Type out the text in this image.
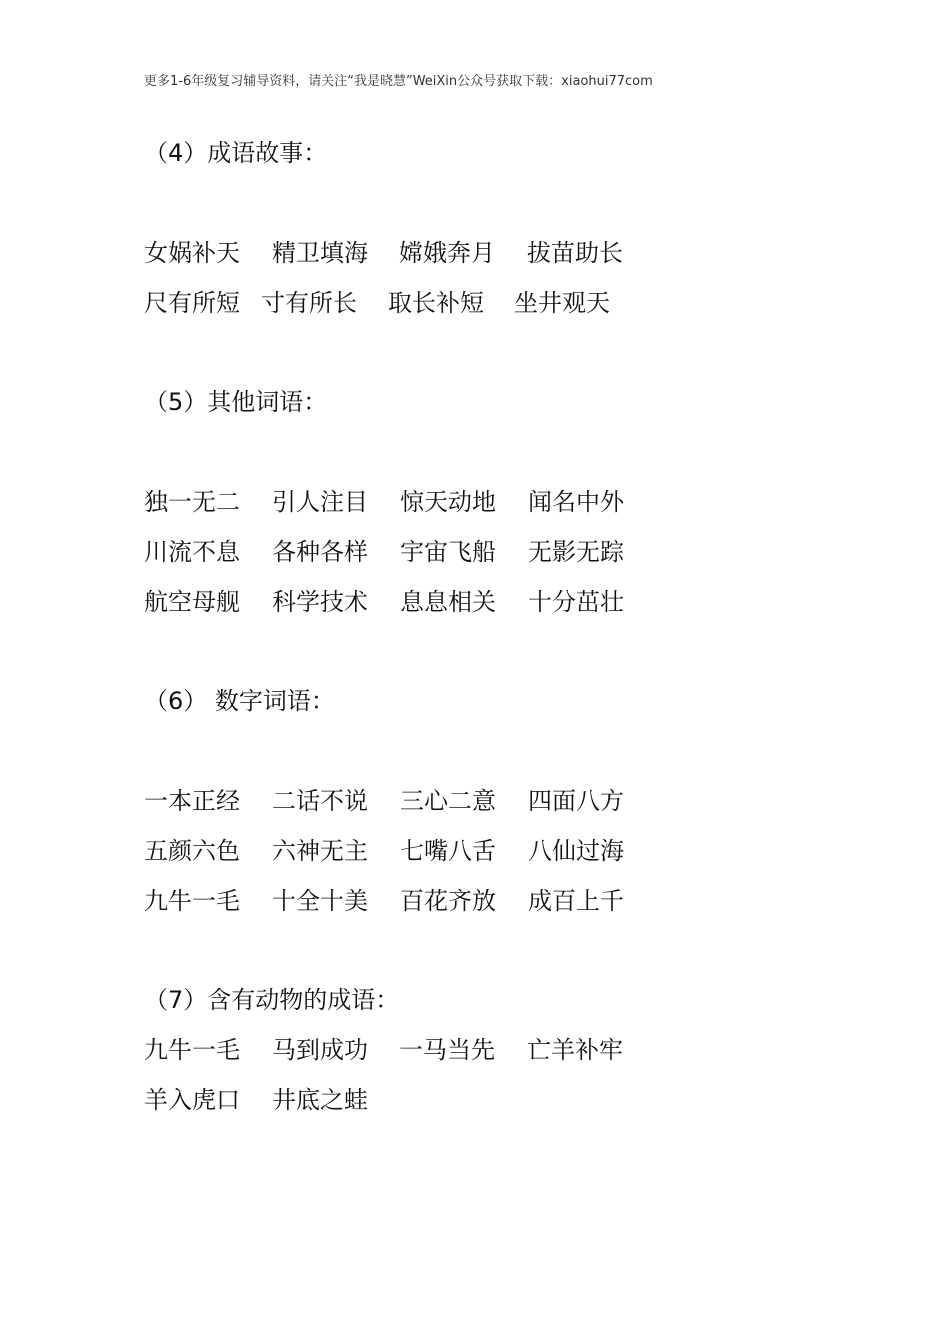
更多1-6年级复习辅导资料，请关注“我是晓慧”WeiXin公众号获取下载：xiaohui77com
（4）成语故事：
女娲补天 精卫填海 嫦娥奔月 拔苗助长
尺有所短 寸有所长 取长补短 坐井观天
（5）其他词语：
独一无二 引人注目 惊天动地 闻名中外
川流不息 各种各样 宇宙飞船 无影无踪
航空母舰 科学技术 息息相关 十分茁壮
（6） 数字词语：
一本正经 二话不说 三心二意 四面八方
五颜六色 六神无主 七嘴八舌 八仙过海
九牛一毛 十全十美 百花齐放 成百上千
（7）含有动物的成语：
九牛一毛 马到成功 一马当先 亡羊补牢
羊入虎口 井底之蛙
